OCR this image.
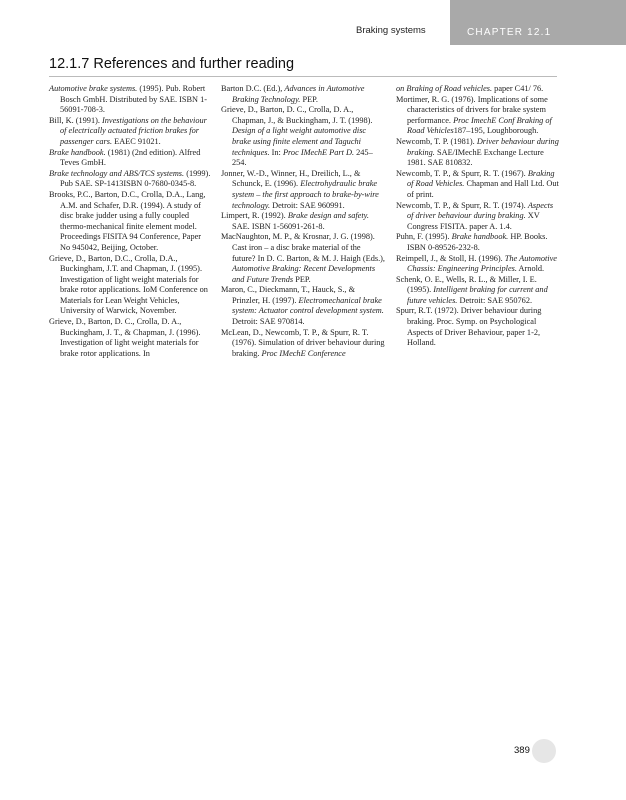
Braking systems	CHAPTER 12.1
12.1.7 References and further reading

Automotive brake systems. (1995). Pub. Robert Bosch GmbH. Distributed by SAE. ISBN 1-56091-708-3.

Bill, K. (1991). Investigations on the behaviour of electrically actuated friction brakes for passenger cars. EAEC 91021.

Brake handbook. (1981) (2nd edition). Alfred Teves GmbH.

Brake technology and ABS/TCS systems. (1999). Pub SAE. SP-1413ISBN 0-7680-0345-8.

Brooks, P.C., Barton, D.C., Crolla, D.A., Lang, A.M. and Schafer, D.R. (1994). A study of disc brake judder using a fully coupled thermo-mechanical finite element model. Proceedings FISITA 94 Conference, Paper No 945042, Beijing, October.

Grieve, D., Barton, D.C., Crolla, D.A., Buckingham, J.T. and Chapman, J. (1995). Investigation of light weight materials for brake rotor applications. IoM Conference on Materials for Lean Weight Vehicles, University of Warwick, November.

Grieve, D., Barton, D. C., Crolla, D. A., Buckingham, J. T., & Chapman, J. (1996). Investigation of light weight materials for brake rotor applications. In

Barton D.C. (Ed.), Advances in Automotive Braking Technology. PEP.

Grieve, D., Barton, D. C., Crolla, D. A., Chapman, J., & Buckingham, J. T. (1998). Design of a light weight automotive disc brake using finite element and Taguchi techniques. In: Proc IMechE Part D. 245–254.

Jonner, W.-D., Winner, H., Dreilich, L., & Schunck, E. (1996). Electrohydraulic brake system – the first approach to brake-by-wire technology. Detroit: SAE 960991.

Limpert, R. (1992). Brake design and safety. SAE. ISBN 1-56091-261-8.

MacNaughton, M. P., & Krosnar, J. G. (1998). Cast iron – a disc brake material of the future? In D. C. Barton, & M. J. Haigh (Eds.), Automotive Braking: Recent Developments and Future Trends PEP.

Maron, C., Dieckmann, T., Hauck, S., & Prinzler, H. (1997). Electromechanical brake system: Actuator control development system. Detroit: SAE 970814.

McLean, D., Newcomb, T. P., & Spurr, R. T. (1976). Simulation of driver behaviour during braking. Proc IMechE Conference

on Braking of Road vehicles. paper C41/ 76.

Mortimer, R. G. (1976). Implications of some characteristics of drivers for brake system performance. Proc ImechE Conf Braking of Road Vehicles187–195, Loughborough.

Newcomb, T. P. (1981). Driver behaviour during braking. SAE/IMechE Exchange Lecture 1981. SAE 810832.

Newcomb, T. P., & Spurr, R. T. (1967). Braking of Road Vehicles. Chapman and Hall Ltd. Out of print.

Newcomb, T. P., & Spurr, R. T. (1974). Aspects of driver behaviour during braking. XV Congress FISITA. paper A. 1.4.

Puhn, F. (1995). Brake handbook. HP. Books. ISBN 0-89526-232-8.

Reimpell, J., & Stoll, H. (1996). The Automotive Chassis: Engineering Principles. Arnold.

Schenk, O. E., Wells, R. L., & Miller, I. E. (1995). Intelligent braking for current and future vehicles. Detroit: SAE 950762.

Spurr, R.T. (1972). Driver behaviour during braking. Proc. Symp. on Psychological Aspects of Driver Behaviour, paper 1-2, Holland.

389
